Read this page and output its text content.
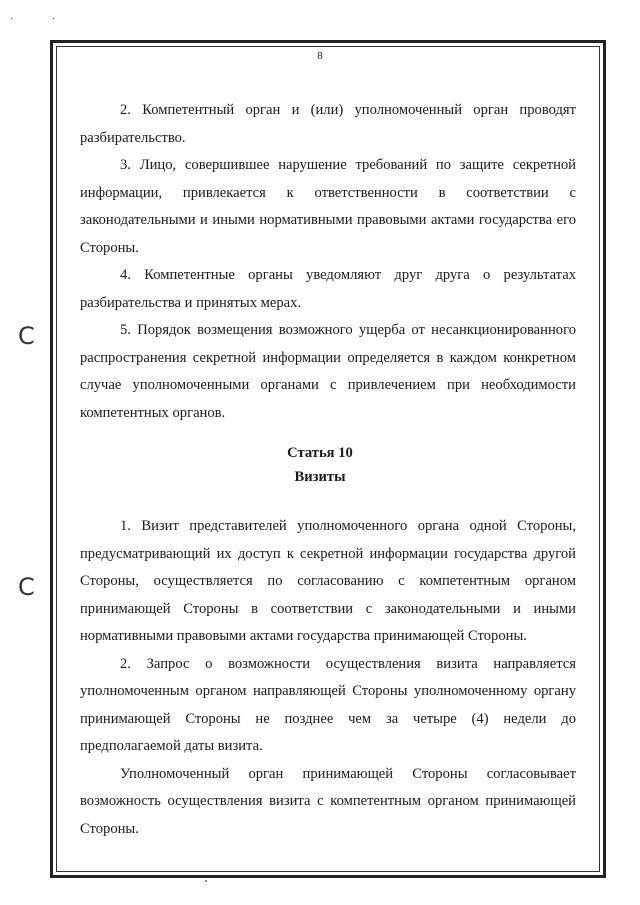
· ·
8

2. Компетентный орган и (или) уполномоченный орган проводят разбирательство.

3. Лицо, совершившее нарушение требований по защите секретной информации, привлекается к ответственности в соответствии с законодательными и иными нормативными правовыми актами государства его Стороны.

4. Компетентные органы уведомляют друг друга о результатах разбирательства и принятых мерах.

5. Порядок возмещения возможного ущерба от несанкционированного распространения секретной информации определяется в каждом конкретном случае уполномоченными органами с привлечением при необходимости компетентных органов.

Статья 10
Визиты

1. Визит представителей уполномоченного органа одной Стороны, предусматривающий их доступ к секретной информации государства другой Стороны, осуществляется по согласованию с компетентным органом принимающей Стороны в соответствии с законодательными и иными нормативными правовыми актами государства принимающей Стороны.

2. Запрос о возможности осуществления визита направляется уполномоченным органом направляющей Стороны уполномоченному органу принимающей Стороны не позднее чем за четыре (4) недели до предполагаемой даты визита.

Уполномоченный орган принимающей Стороны согласовывает возможность осуществления визита с компетентным органом принимающей Стороны.

C
C
